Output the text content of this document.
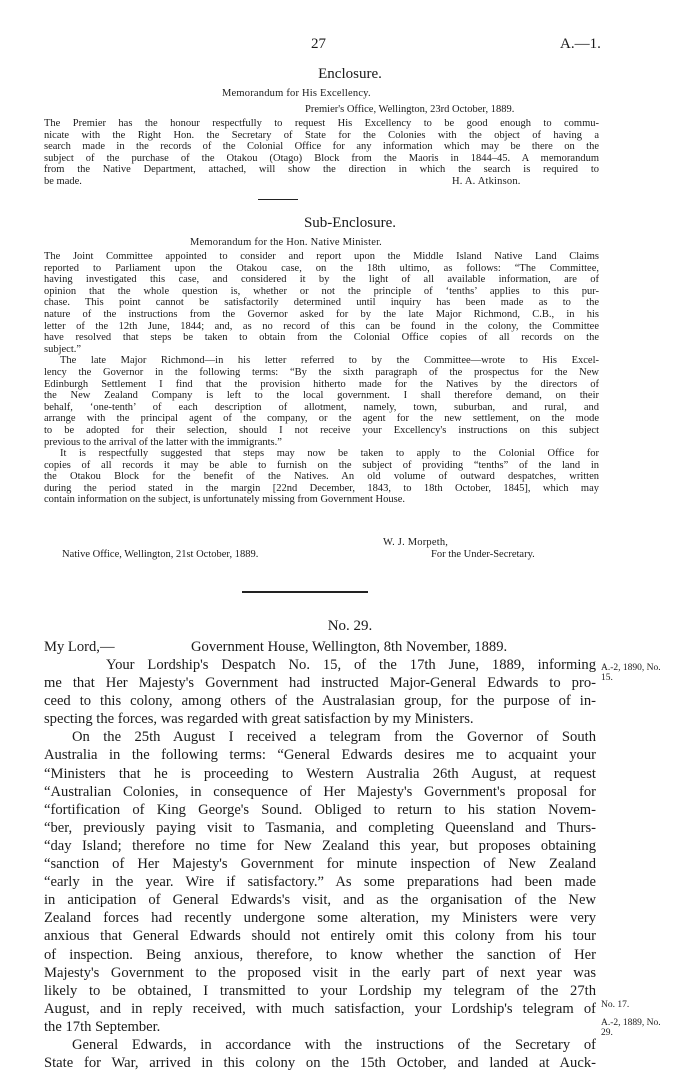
27	A.—1.
Enclosure.
Memorandum for His Excellency.
Premier's Office, Wellington, 23rd October, 1889.
The Premier has the honour respectfully to request His Excellency to be good enough to commu-
nicate with the Right Hon. the Secretary of State for the Colonies with the object of having a
search made in the records of the Colonial Office for any information which may be there on the
subject of the purchase of the Otakou (Otago) Block from the Maoris in 1844–45. A memorandum
from the Native Department, attached, will show the direction in which the search is required to
be made.	H. A. Atkinson.
Sub-Enclosure.
Memorandum for the Hon. Native Minister.
The Joint Committee appointed to consider and report upon the Middle Island Native Land Claims
reported to Parliament upon the Otakou case, on the 18th ultimo, as follows: “The Committee,
having investigated this case, and considered it by the light of all available information, are of
opinion that the whole question is, whether or not the principle of ‘tenths’ applies to this pur-
chase. This point cannot be satisfactorily determined until inquiry has been made as to the
nature of the instructions from the Governor asked for by the late Major Richmond, C.B., in his
letter of the 12th June, 1844; and, as no record of this can be found in the colony, the Committee
have resolved that steps be taken to obtain from the Colonial Office copies of all records on the
subject.”
The late Major Richmond—in his letter referred to by the Committee—wrote to His Excel-
lency the Governor in the following terms: “By the sixth paragraph of the prospectus for the New
Edinburgh Settlement I find that the provision hitherto made for the Natives by the directors of
the New Zealand Company is left to the local government. I shall therefore demand, on their
behalf, ‘one-tenth’ of each description of allotment, namely, town, suburban, and rural, and
arrange with the principal agent of the company, or the agent for the new settlement, on the mode
to be adopted for their selection, should I not receive your Excellency's instructions on this subject
previous to the arrival of the latter with the immigrants.”
It is respectfully suggested that steps may now be taken to apply to the Colonial Office for
copies of all records it may be able to furnish on the subject of providing “tenths” of the land in
the Otakou Block for the benefit of the Natives. An old volume of outward despatches, written
during the period stated in the margin [22nd December, 1843, to 18th October, 1845], which may
contain information on the subject, is unfortunately missing from Government House.
W. J. Morpeth,
Native Office, Wellington, 21st October, 1889.	For the Under-Secretary.
No. 29.
My Lord,—	Government House, Wellington, 8th November, 1889.
Your Lordship's Despatch No. 15, of the 17th June, 1889, informing
me that Her Majesty's Government had instructed Major-General Edwards to pro-
ceed to this colony, among others of the Australasian group, for the purpose of in-
specting the forces, was regarded with great satisfaction by my Ministers.
On the 25th August I received a telegram from the Governor of South
Australia in the following terms: “General Edwards desires me to acquaint your
“Ministers that he is proceeding to Western Australia 26th August, at request
“Australian Colonies, in consequence of Her Majesty's Government's proposal for
“fortification of King George's Sound. Obliged to return to his station Novem-
“ber, previously paying visit to Tasmania, and completing Queensland and Thurs-
“day Island; therefore no time for New Zealand this year, but proposes obtaining
“sanction of Her Majesty's Government for minute inspection of New Zealand
“early in the year. Wire if satisfactory.” As some preparations had been made
in anticipation of General Edwards's visit, and as the organisation of the New
Zealand forces had recently undergone some alteration, my Ministers were very
anxious that General Edwards should not entirely omit this colony from his tour
of inspection. Being anxious, therefore, to know whether the sanction of Her
Majesty's Government to the proposed visit in the early part of next year was
likely to be obtained, I transmitted to your Lordship my telegram of the 27th
August, and in reply received, with much satisfaction, your Lordship's telegram of
the 17th September.
General Edwards, in accordance with the instructions of the Secretary of
State for War, arrived in this colony on the 15th October, and landed at Auck-
A.-2, 1890, No.
15.
No. 17.
A.-2, 1889, No.
29.
